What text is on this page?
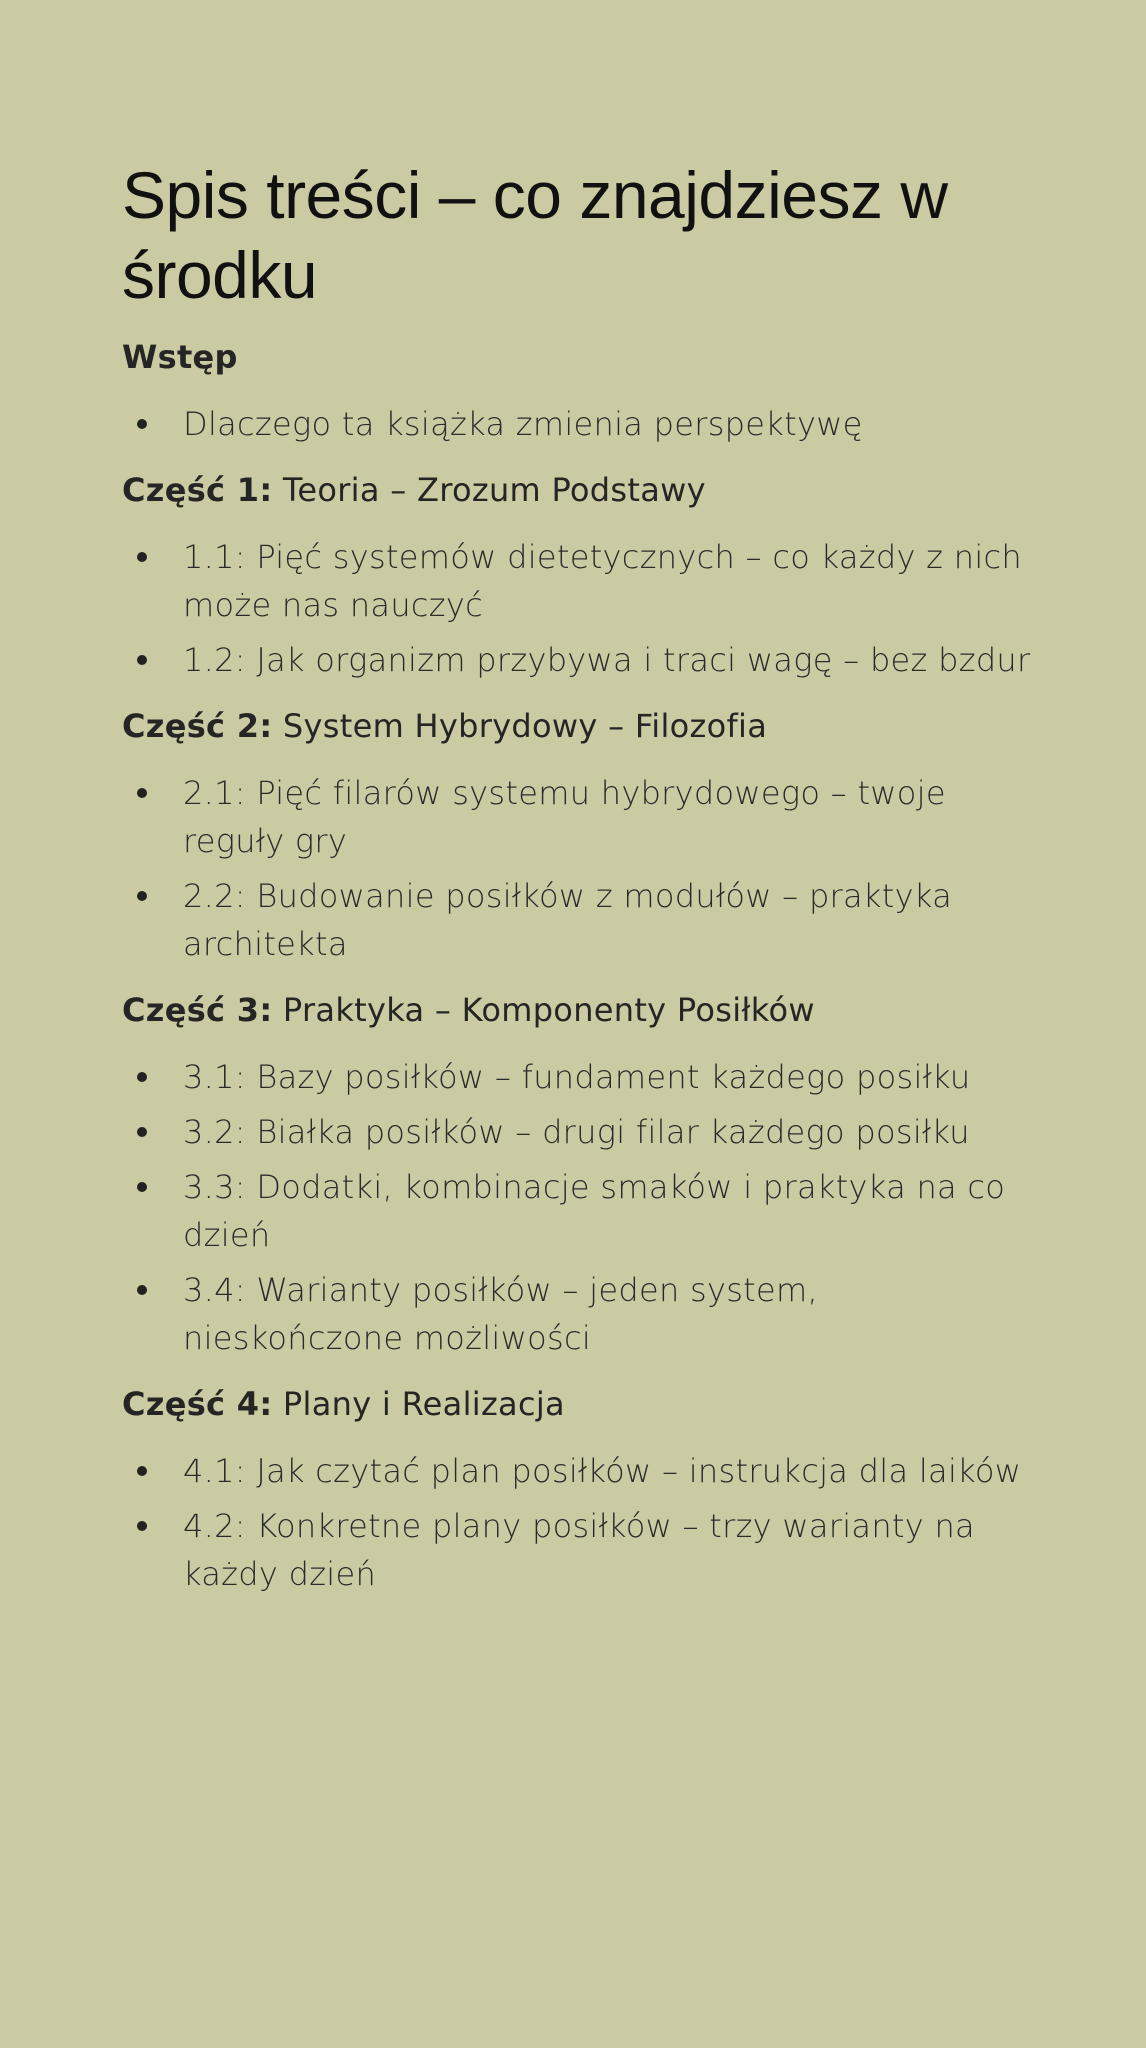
Spis treści – co znajdziesz w środku
Wstęp
Dlaczego ta książka zmienia perspektywę
Część 1: Teoria – Zrozum Podstawy
1.1: Pięć systemów dietetycznych – co każdy z nich może nas nauczyć
1.2: Jak organizm przybywa i traci wagę – bez bzdur
Część 2: System Hybrydowy – Filozofia
2.1: Pięć filarów systemu hybrydowego – twoje reguły gry
2.2: Budowanie posiłków z modułów – praktyka architekta
Część 3: Praktyka – Komponenty Posiłków
3.1: Bazy posiłków – fundament każdego posiłku
3.2: Białka posiłków – drugi filar każdego posiłku
3.3: Dodatki, kombinacje smaków i praktyka na co dzień
3.4: Warianty posiłków – jeden system, nieskończone możliwości
Część 4: Plany i Realizacja
4.1: Jak czytać plan posiłków – instrukcja dla laików
4.2: Konkretne plany posiłków – trzy warianty na każdy dzień
